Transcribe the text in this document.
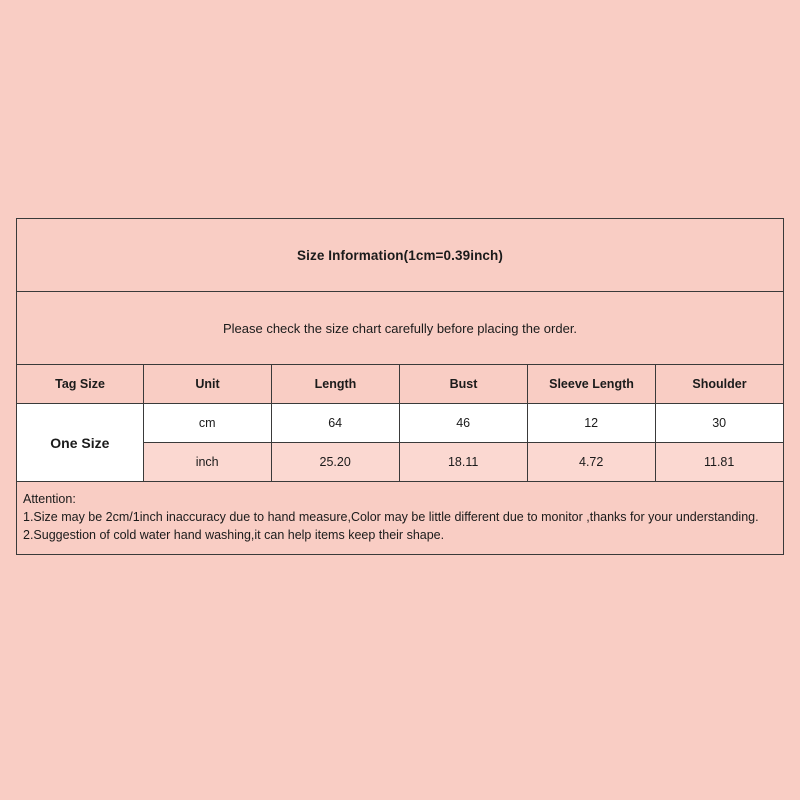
Size Information(1cm=0.39inch)
Please check the size chart carefully before placing the order.
Tag Size	Unit	Length	Bust	Sleeve Length	Shoulder
One Size
cm	64	46	12	30
inch	25.20	18.11	4.72	11.81
Attention:
1.Size may be 2cm/1inch inaccuracy due to hand measure,Color may be little different due to monitor ,thanks for your understanding.
2.Suggestion of cold water hand washing,it can help items keep their shape.
